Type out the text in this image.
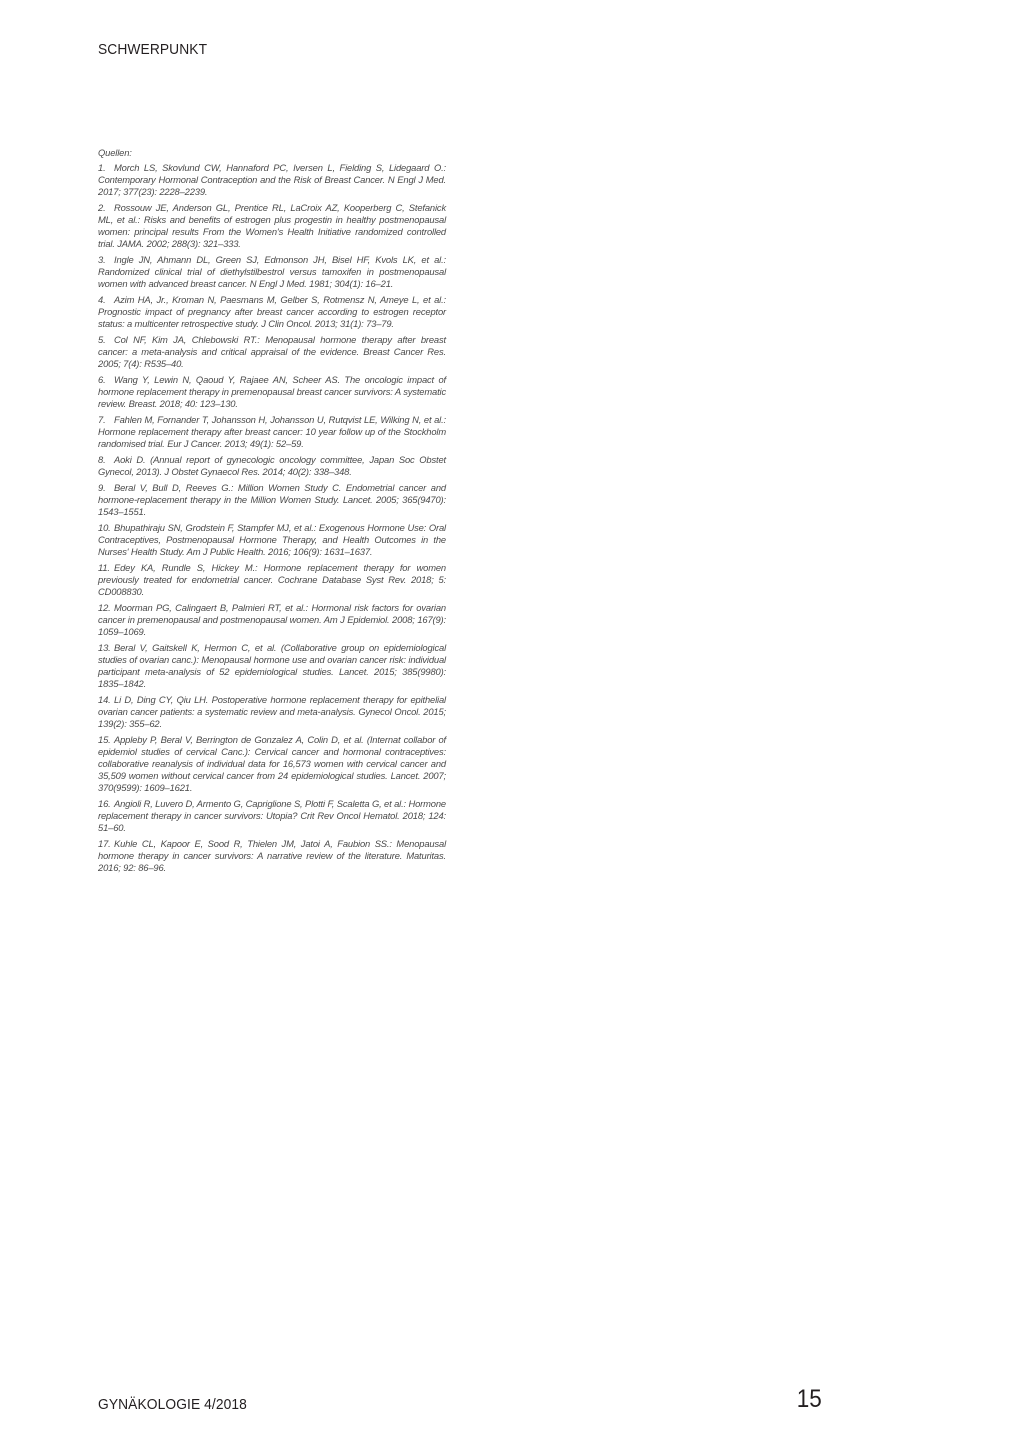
SCHWERPUNKT
Quellen:
1. Morch LS, Skovlund CW, Hannaford PC, Iversen L, Fielding S, Lidegaard O.: Contemporary Hormonal Contraception and the Risk of Breast Cancer. N Engl J Med. 2017; 377(23): 2228–2239.
2. Rossouw JE, Anderson GL, Prentice RL, LaCroix AZ, Kooperberg C, Stefanick ML, et al.: Risks and benefits of estrogen plus progestin in healthy postmenopausal women: principal results From the Women's Health Initiative randomized controlled trial. JAMA. 2002; 288(3): 321–333.
3. Ingle JN, Ahmann DL, Green SJ, Edmonson JH, Bisel HF, Kvols LK, et al.: Randomized clinical trial of diethylstilbestrol versus tamoxifen in postmenopausal women with advanced breast cancer. N Engl J Med. 1981; 304(1): 16–21.
4. Azim HA, Jr., Kroman N, Paesmans M, Gelber S, Rotmensz N, Ameye L, et al.: Prognostic impact of pregnancy after breast cancer according to estrogen receptor status: a multicenter retrospective study. J Clin Oncol. 2013; 31(1): 73–79.
5. Col NF, Kim JA, Chlebowski RT.: Menopausal hormone therapy after breast cancer: a meta-analysis and critical appraisal of the evidence. Breast Cancer Res. 2005; 7(4): R535–40.
6. Wang Y, Lewin N, Qaoud Y, Rajaee AN, Scheer AS. The oncologic impact of hormone replacement therapy in premenopausal breast cancer survivors: A systematic review. Breast. 2018; 40: 123–130.
7. Fahlen M, Fornander T, Johansson H, Johansson U, Rutqvist LE, Wilking N, et al.: Hormone replacement therapy after breast cancer: 10 year follow up of the Stockholm randomised trial. Eur J Cancer. 2013; 49(1): 52–59.
8. Aoki D. (Annual report of gynecologic oncology committee, Japan Soc Obstet Gynecol, 2013). J Obstet Gynaecol Res. 2014; 40(2): 338–348.
9. Beral V, Bull D, Reeves G.: Million Women Study C. Endometrial cancer and hormone-replacement therapy in the Million Women Study. Lancet. 2005; 365(9470): 1543–1551.
10. Bhupathiraju SN, Grodstein F, Stampfer MJ, et al.: Exogenous Hormone Use: Oral Contraceptives, Postmenopausal Hormone Therapy, and Health Outcomes in the Nurses' Health Study. Am J Public Health. 2016; 106(9): 1631–1637.
11. Edey KA, Rundle S, Hickey M.: Hormone replacement therapy for women previously treated for endometrial cancer. Cochrane Database Syst Rev. 2018; 5: CD008830.
12. Moorman PG, Calingaert B, Palmieri RT, et al.: Hormonal risk factors for ovarian cancer in premenopausal and postmenopausal women. Am J Epidemiol. 2008; 167(9): 1059–1069.
13. Beral V, Gaitskell K, Hermon C, et al. (Collaborative group on epidemiological studies of ovarian canc.): Menopausal hormone use and ovarian cancer risk: individual participant meta-analysis of 52 epidemiological studies. Lancet. 2015; 385(9980): 1835–1842.
14. Li D, Ding CY, Qiu LH. Postoperative hormone replacement therapy for epithelial ovarian cancer patients: a systematic review and meta-analysis. Gynecol Oncol. 2015; 139(2): 355–62.
15. Appleby P, Beral V, Berrington de Gonzalez A, Colin D, et al. (Internat collabor of epidemiol studies of cervical Canc.): Cervical cancer and hormonal contraceptives: collaborative reanalysis of individual data for 16,573 women with cervical cancer and 35,509 women without cervical cancer from 24 epidemiological studies. Lancet. 2007; 370(9599): 1609–1621.
16. Angioli R, Luvero D, Armento G, Capriglione S, Plotti F, Scaletta G, et al.: Hormone replacement therapy in cancer survivors: Utopia? Crit Rev Oncol Hematol. 2018; 124: 51–60.
17. Kuhle CL, Kapoor E, Sood R, Thielen JM, Jatoi A, Faubion SS.: Menopausal hormone therapy in cancer survivors: A narrative review of the literature. Maturitas. 2016; 92: 86–96.
GYNÄKOLOGIE 4/2018	15
